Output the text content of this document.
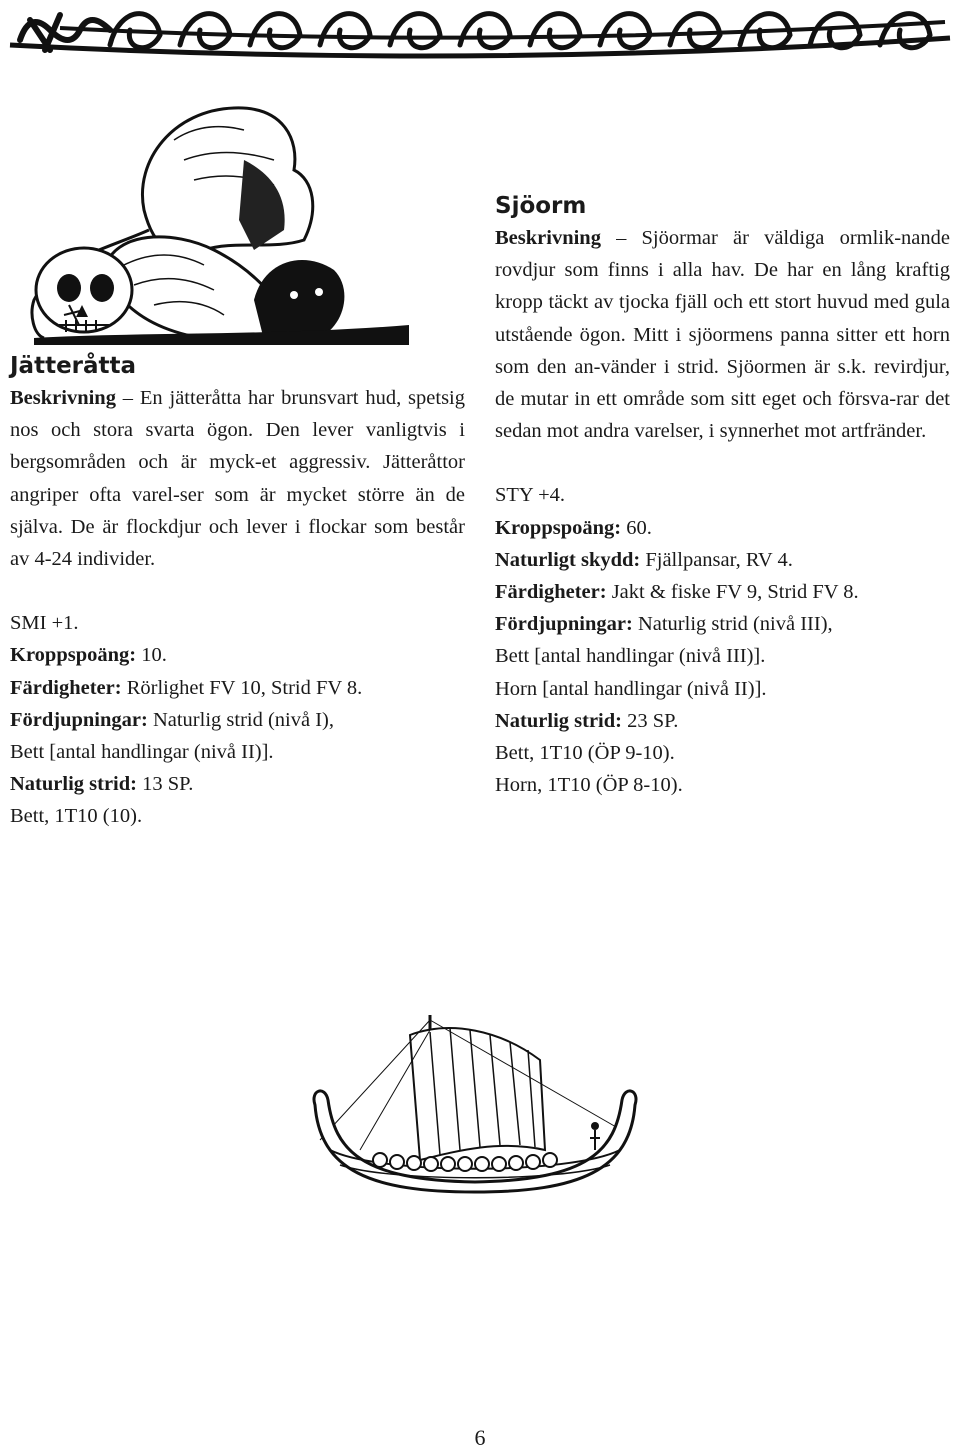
Jätteråtta

Beskrivning – En jätteråtta har brunsvart hud, spetsig nos och stora svarta ögon. Den lever vanligtvis i bergsområden och är myck-et aggressiv. Jätteråttor angriper ofta varel-ser som är mycket större än de själva. De är flockdjur och lever i flockar som består av 4-24 individer.

SMI +1.

Kroppspoäng: 10.

Färdigheter: Rörlighet FV 10, Strid FV 8.

Fördjupningar: Naturlig strid (nivå I),

Bett [antal handlingar (nivå II)].

Naturlig strid: 13 SP.

Bett, 1T10 (10).

Sjöorm

Beskrivning – Sjöormar är väldiga ormlik-nande rovdjur som finns i alla hav. De har en lång kraftig kropp täckt av tjocka fjäll och ett stort huvud med gula utstående ögon. Mitt i sjöormens panna sitter ett horn som den an-vänder i strid. Sjöormen är s.k. revirdjur, de mutar in ett område som sitt eget och försva-rar det sedan mot andra varelser, i synnerhet mot artfränder.

STY +4.

Kroppspoäng: 60.

Naturligt skydd: Fjällpansar, RV 4.

Färdigheter: Jakt & fiske FV 9, Strid FV 8.

Fördjupningar: Naturlig strid (nivå III),

Bett [antal handlingar (nivå III)].

Horn [antal handlingar (nivå II)].

Naturlig strid: 23 SP.

Bett, 1T10 (ÖP 9-10).

Horn, 1T10 (ÖP 8-10).

6
